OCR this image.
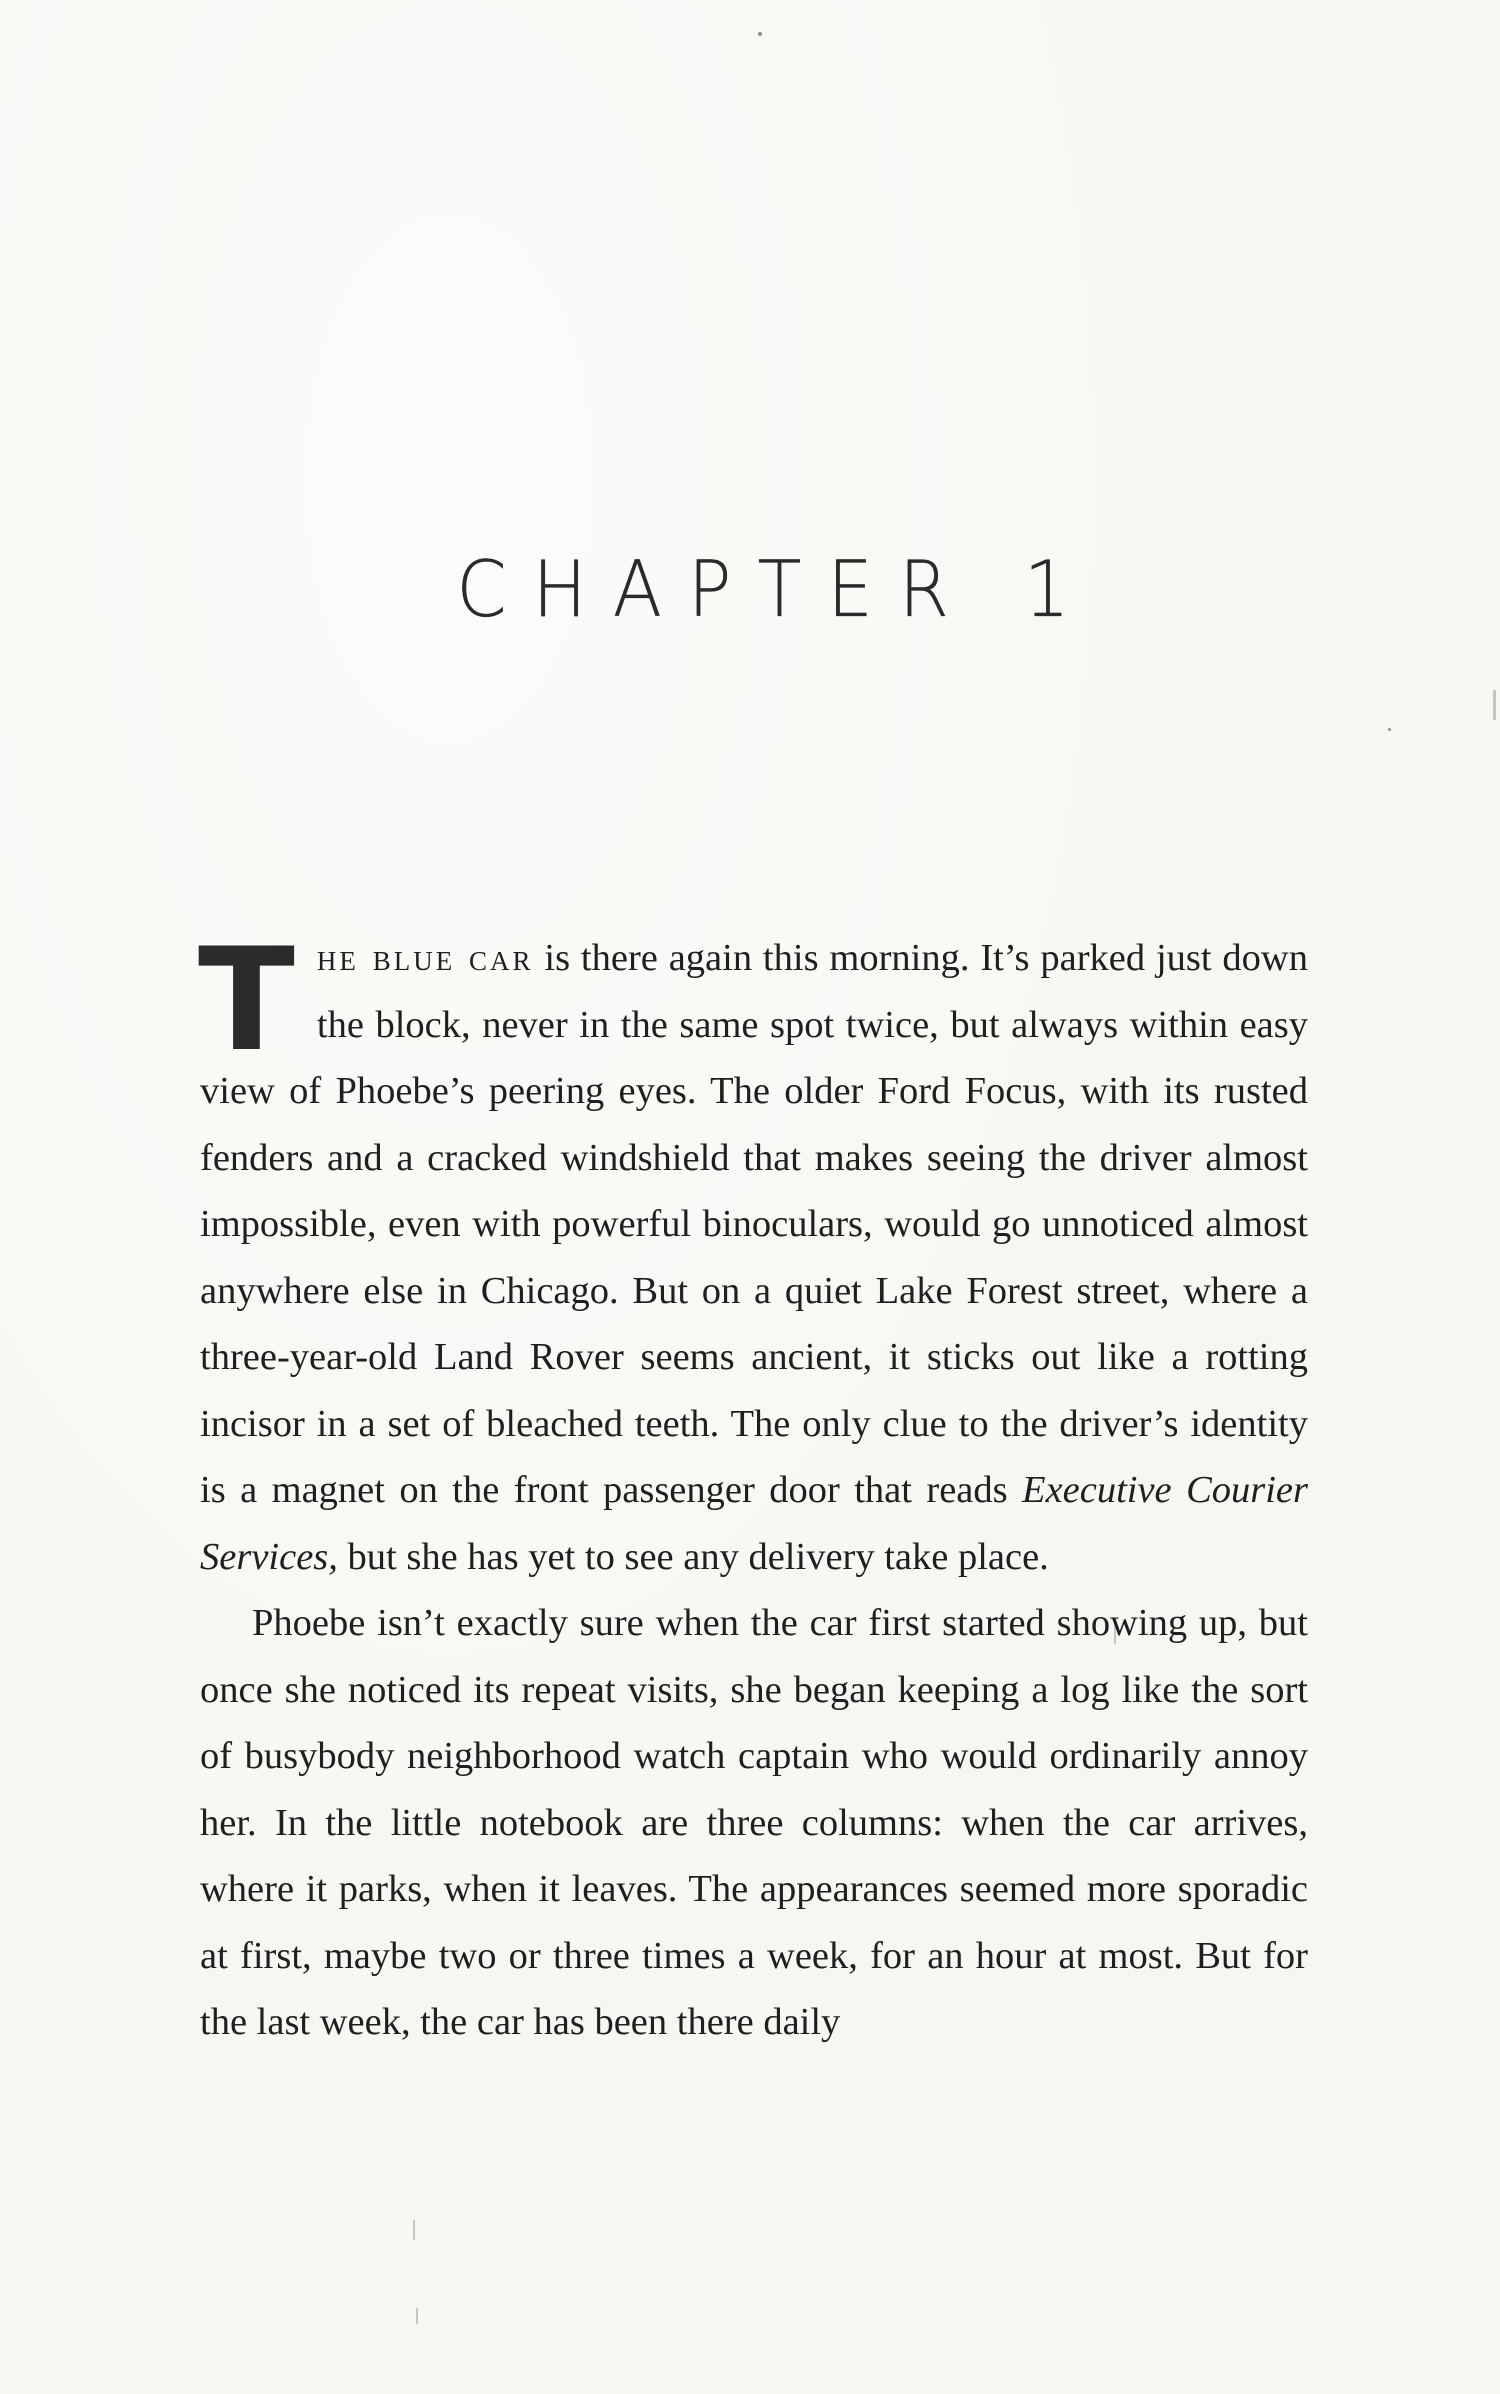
CHAPTER 1

The blue car is there again this morning. It’s parked just down the block, never in the same spot twice, but always within easy view of Phoebe’s peering eyes. The older Ford Focus, with its rusted fenders and a cracked windshield that makes seeing the driver almost impossible, even with powerful binoculars, would go unnoticed almost anywhere else in Chicago. But on a quiet Lake Forest street, where a three-year-old Land Rover seems ancient, it sticks out like a rotting incisor in a set of bleached teeth. The only clue to the driver’s identity is a magnet on the front passenger door that reads Executive Courier Services, but she has yet to see any delivery take place.

Phoebe isn’t exactly sure when the car first started showing up, but once she noticed its repeat visits, she began keeping a log like the sort of busybody neighborhood watch captain who would ordinarily annoy her. In the little notebook are three columns: when the car arrives, where it parks, when it leaves. The appearances seemed more sporadic at first, maybe two or three times a week, for an hour at most. But for the last week, the car has been there daily
